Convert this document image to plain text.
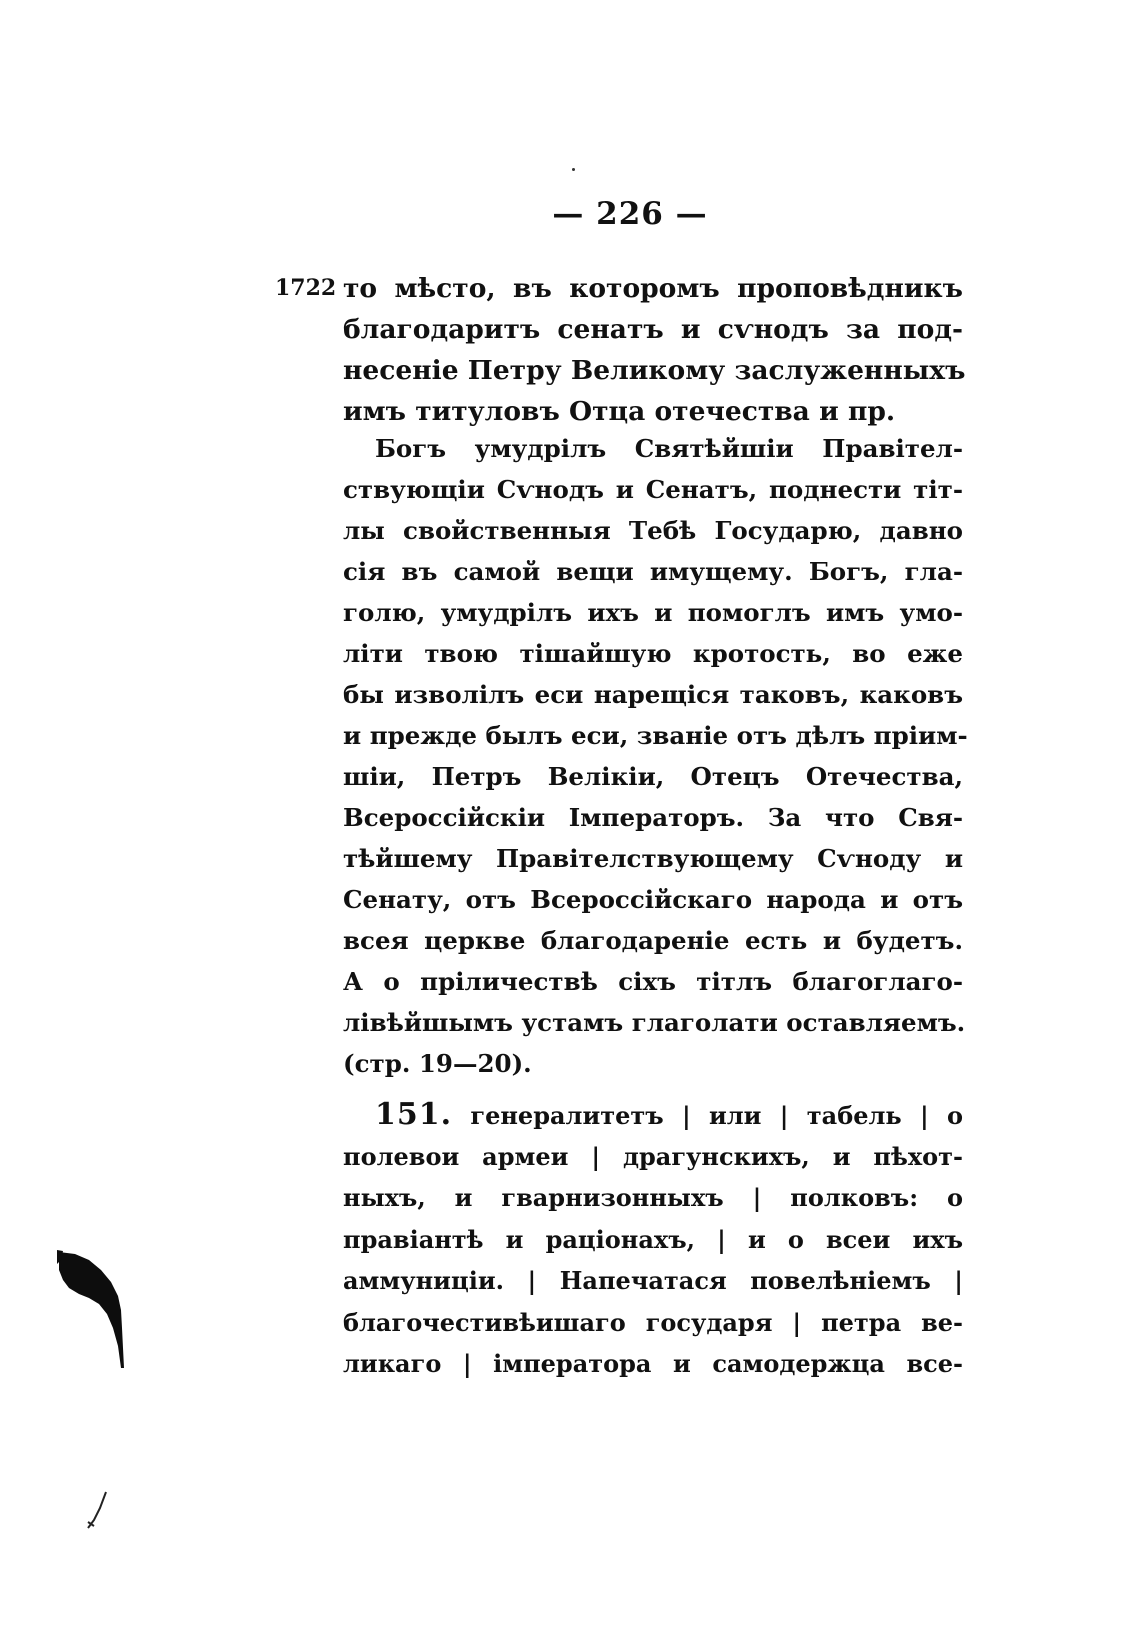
— 226 —
1722 то мѣсто, въ которомъ проповѣдникъ
благодаритъ сенатъ и сѵнодъ за под-
несеніе Петру Великому заслуженныхъ
имъ титуловъ Отца отечества и пр.
Богъ умудрiлъ Святѣйшiи Правiтел-
ствующiи Сѵнодъ и Сенатъ, поднести тiт-
лы свойственныя Тебѣ Государю, давно
сiя въ самой вещи имущему. Богъ, гла-
голю, умудрiлъ ихъ и помоглъ имъ умо-
лiти твою тiшайшую кротость, во еже
бы изволiлъ еси нарещiся таковъ, каковъ
и прежде былъ еси, званiе отъ дѣлъ прiим-
шiи, Петръ Велiкiи, Отецъ Отечества,
Всероссiйскiи Iмператоръ. За что Свя-
тѣйшему Правiтелствующему Сѵноду и
Сенату, отъ Всероссiйскаго народа и отъ
всея церкве благодаренiе есть и будетъ.
А о прiличествѣ сiхъ тiтлъ благоглаго-
лiвѣйшымъ устамъ глаголати оставляемъ.
(стр. 19—20).
151. генералитетъ | или | табель | о
полевои армеи | драгунскихъ, и пѣхот-
ныхъ, и гварнизонныхъ | полковъ: о
правiантѣ и рацiонахъ, | и о всеи ихъ
аммуницiи. | Напечатася повелѣнiемъ |
благочестивѣишагo государя | петра ве-
ликаго | iмператора и самодержца все-
